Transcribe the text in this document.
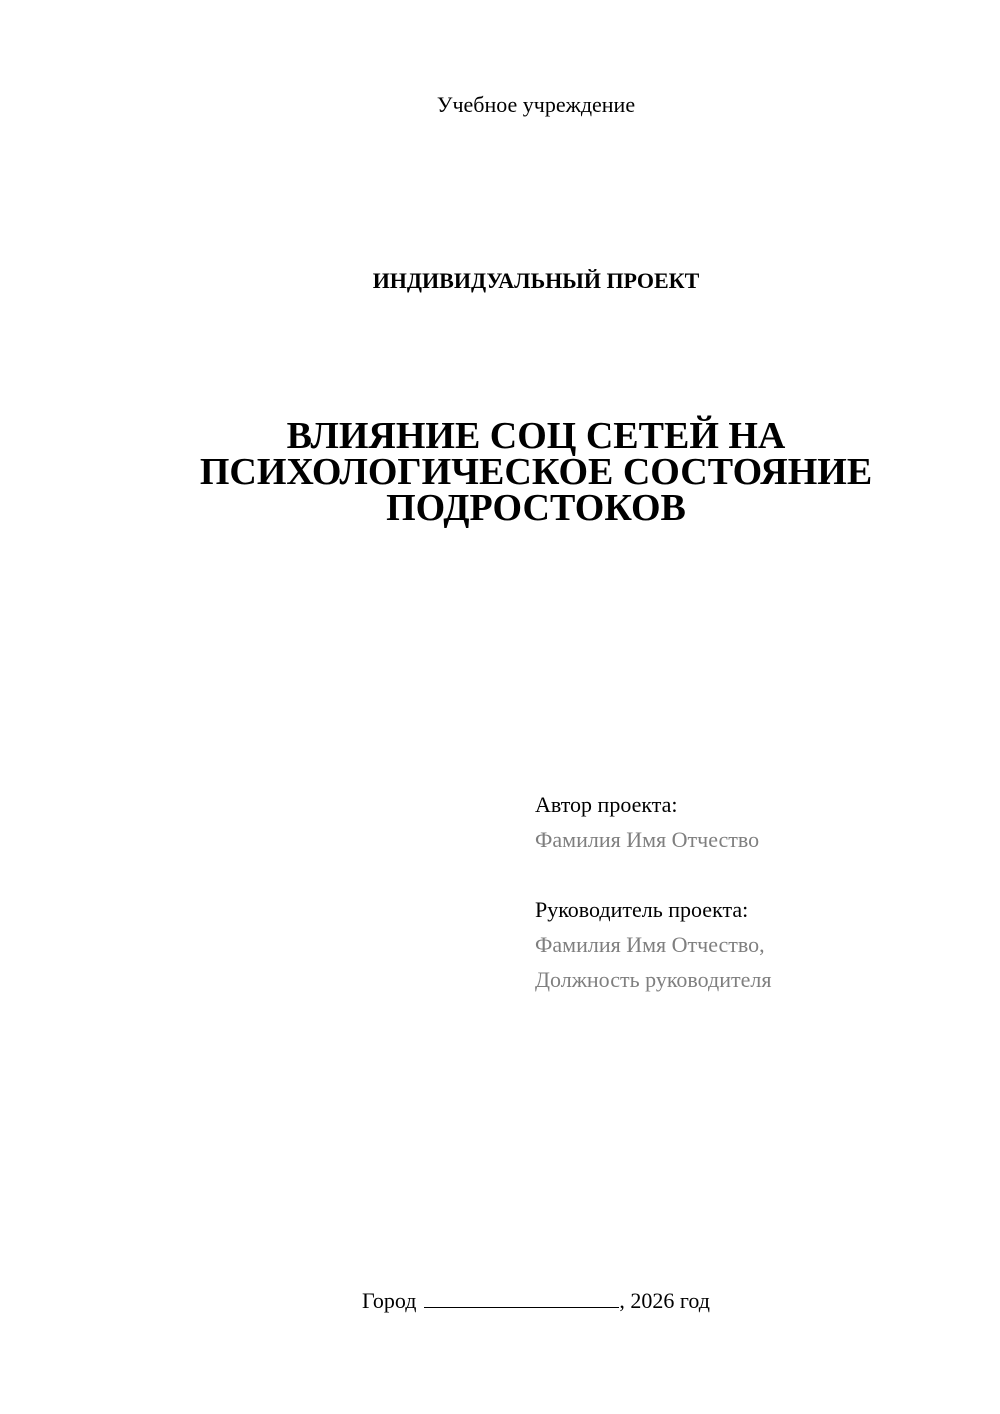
Учебное учреждение
ИНДИВИДУАЛЬНЫЙ ПРОЕКТ
ВЛИЯНИЕ СОЦ СЕТЕЙ НА
ПСИХОЛОГИЧЕСКОЕ СОСТОЯНИЕ
ПОДРОСТОКОВ
Автор проекта:
Фамилия Имя Отчество
Руководитель проекта:
Фамилия Имя Отчество,
Должность руководителя
Город	, 2026 год
